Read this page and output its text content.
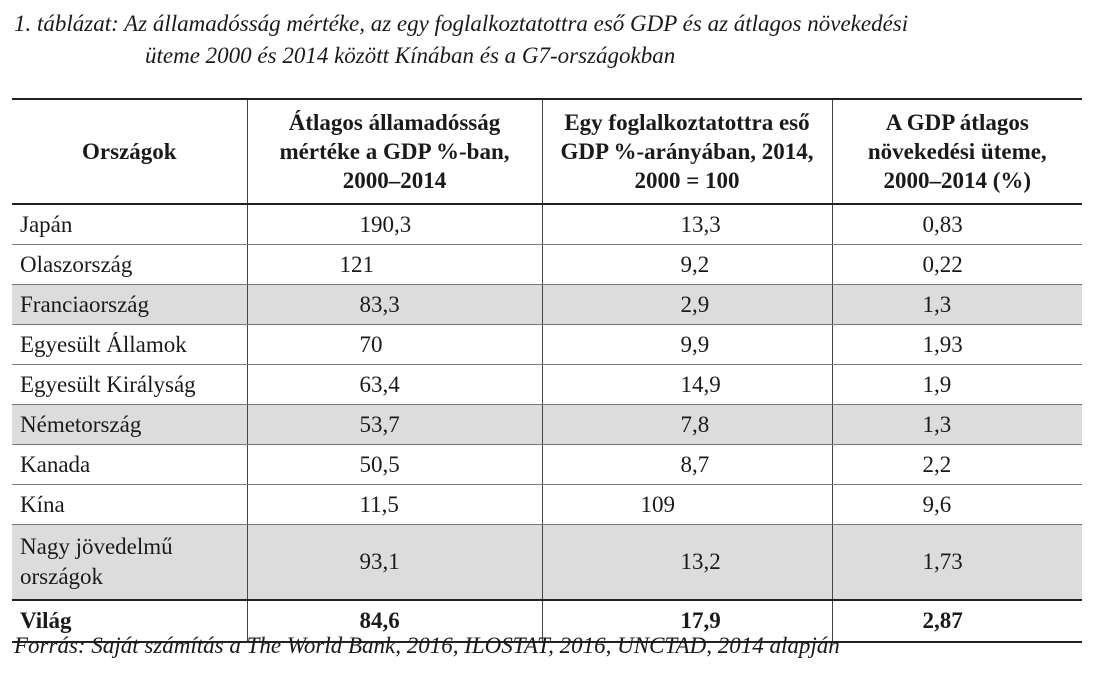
1. táblázat: Az államadósság mértéke, az egy foglalkoztatottra eső GDP és az átlagos növekedési
üteme 2000 és 2014 között Kínában és a G7-országokban
Országok	Átlagos államadósság mértéke a GDP %-ban, 2000–2014	Egy foglalkoztatottra eső GDP %-arányában, 2014, 2000 = 100	A GDP átlagos növekedési üteme, 2000–2014 (%)
Japán	190,3	13,3	0,83
Olaszország	121	9,2	0,22
Franciaország	83,3	2,9	1,3
Egyesült Államok	70	9,9	1,93
Egyesült Királyság	63,4	14,9	1,9
Németország	53,7	7,8	1,3
Kanada	50,5	8,7	2,2
Kína	11,5	109	9,6
Nagy jövedelmű országok	93,1	13,2	1,73
Világ	84,6	17,9	2,87
Forrás: Saját számítás a The World Bank, 2016, ILOSTAT, 2016, UNCTAD, 2014 alapján
